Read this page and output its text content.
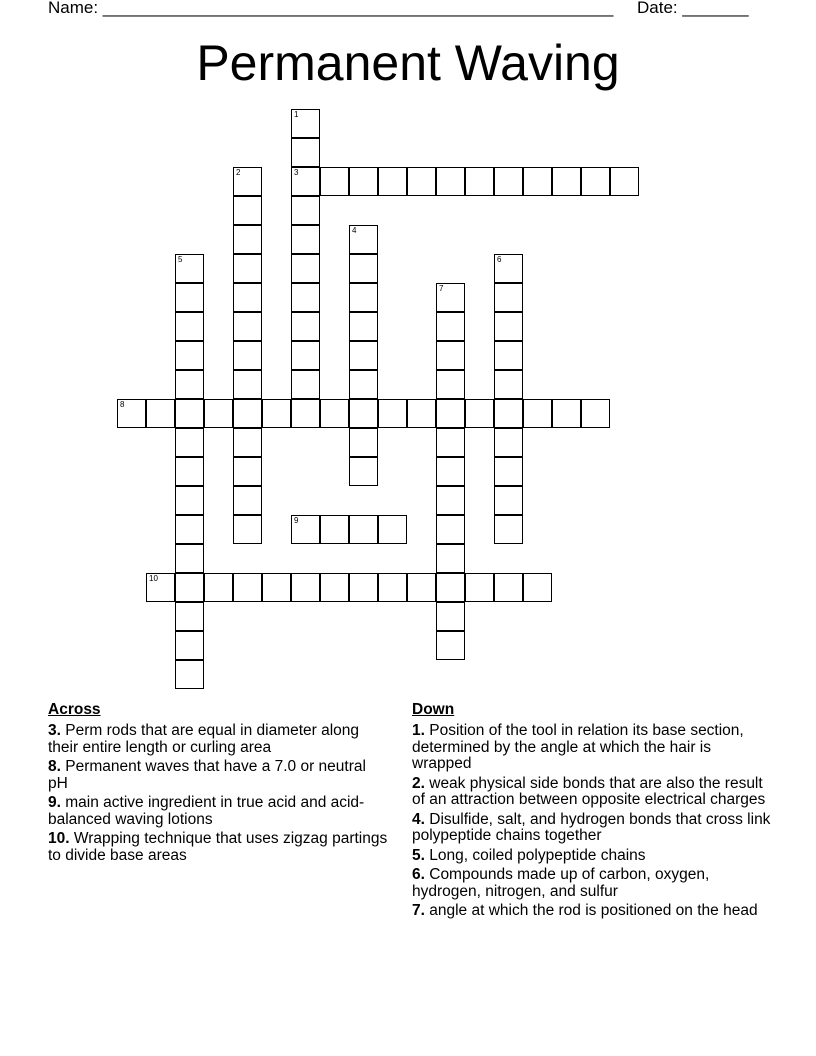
Name: ______________________________________________________ Date: _______
Permanent Waving
1
3
2
4
5	6
7
8
9
10
Across
3. Perm rods that are equal in diameter along their entire length or curling area
8. Permanent waves that have a 7.0 or neutral pH
9. main active ingredient in true acid and acid-balanced waving lotions
10. Wrapping technique that uses zigzag partings to divide base areas
Down
1. Position of the tool in relation its base section, determined by the angle at which the hair is wrapped
2. weak physical side bonds that are also the result of an attraction between opposite electrical charges
4. Disulfide, salt, and hydrogen bonds that cross link polypeptide chains together
5. Long, coiled polypeptide chains
6. Compounds made up of carbon, oxygen, hydrogen, nitrogen, and sulfur
7. angle at which the rod is positioned on the head
